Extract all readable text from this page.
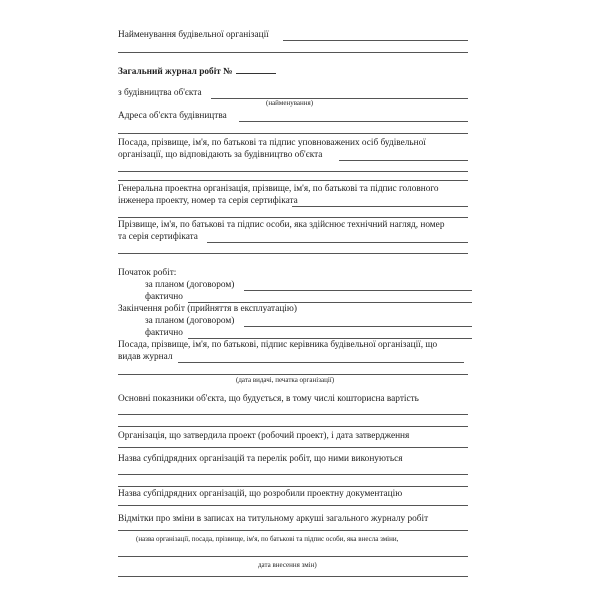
Найменування будівельної організації
Загальний журнал робіт №
з будівництва об'єкта
(найменування)
Адреса об'єкта будівництва
Посада, прізвище, ім'я, по батькові та підпис уповноважених осіб будівельної
організації, що відповідають за будівництво об'єкта
Генеральна проектна організація, прізвище, ім'я, по батькові та підпис головного
інженера проекту, номер та серія сертифіката
Прізвище, ім'я, по батькові та підпис особи, яка здійснює технічний нагляд, номер
та серія сертифіката
Початок робіт:
за планом (договором)
фактично
Закінчення робіт (прийняття в експлуатацію)
за планом (договором)
фактично
Посада, прізвище, ім'я, по батькові, підпис керівника будівельної організації, що
видав журнал
(дата видачі, печатка організації)
Основні показники об'єкта, що будується, в тому числі кошторисна вартість
Організація, що затвердила проект (робочий проект), і дата затвердження
Назва субпідрядних організацій та перелік робіт, що ними виконуються
Назва субпідрядних організацій, що розробили проектну документацію
Відмітки про зміни в записах на титульному аркуші загального журналу робіт
(назва організації, посада, прізвище, ім'я, по батькові та підпис особи, яка внесла зміни,
дата внесення змін)
